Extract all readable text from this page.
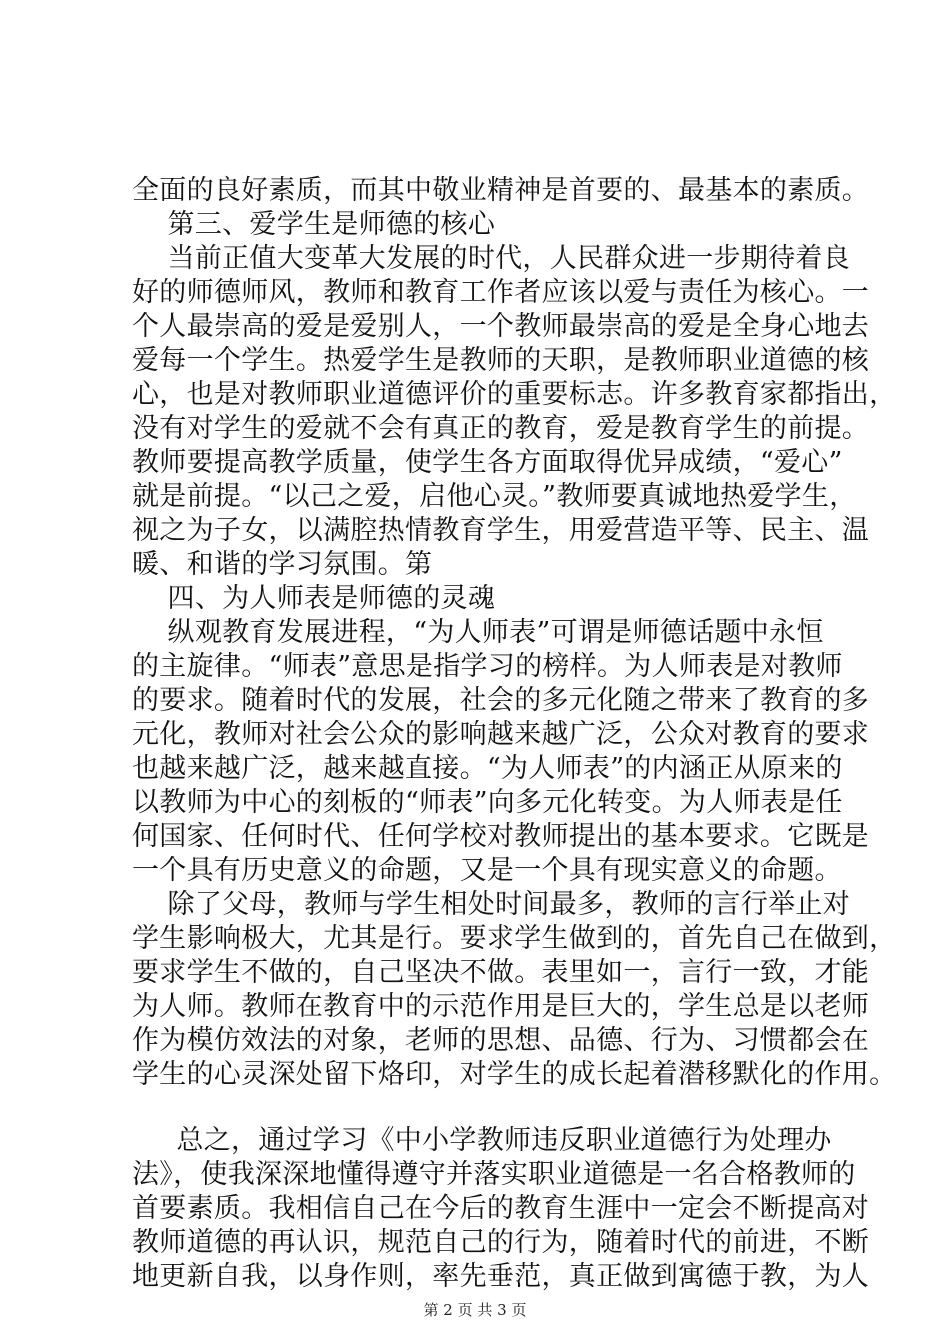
全面的良好素质，而其中敬业精神是首要的、最基本的素质。
第三、爱学生是师德的核心
当前正值大变革大发展的时代，人民群众进一步期待着良
好的师德师风，教师和教育工作者应该以爱与责任为核心。一
个人最崇高的爱是爱别人，一个教师最崇高的爱是全身心地去
爱每一个学生。热爱学生是教师的天职，是教师职业道德的核
心，也是对教师职业道德评价的重要标志。许多教育家都指出，
没有对学生的爱就不会有真正的教育，爱是教育学生的前提。
教师要提高教学质量，使学生各方面取得优异成绩，“爱心”
就是前提。“以己之爱，启他心灵。”教师要真诚地热爱学生，
视之为子女，以满腔热情教育学生，用爱营造平等、民主、温
暖、和谐的学习氛围。第
四、为人师表是师德的灵魂
纵观教育发展进程，“为人师表”可谓是师德话题中永恒
的主旋律。“师表”意思是指学习的榜样。为人师表是对教师
的要求。随着时代的发展，社会的多元化随之带来了教育的多
元化，教师对社会公众的影响越来越广泛，公众对教育的要求
也越来越广泛，越来越直接。“为人师表”的内涵正从原来的
以教师为中心的刻板的“师表”向多元化转变。为人师表是任
何国家、任何时代、任何学校对教师提出的基本要求。它既是
一个具有历史意义的命题，又是一个具有现实意义的命题。
除了父母，教师与学生相处时间最多，教师的言行举止对
学生影响极大，尤其是行。要求学生做到的，首先自己在做到，
要求学生不做的，自己坚决不做。表里如一，言行一致，才能
为人师。教师在教育中的示范作用是巨大的，学生总是以老师
作为模仿效法的对象，老师的思想、品德、行为、习惯都会在
学生的心灵深处留下烙印，对学生的成长起着潜移默化的作用。
总之，通过学习《中小学教师违反职业道德行为处理办
法》，使我深深地懂得遵守并落实职业道德是一名合格教师的
首要素质。我相信自己在今后的教育生涯中一定会不断提高对
教师道德的再认识，规范自己的行为，随着时代的前进，不断
地更新自我，以身作则，率先垂范，真正做到寓德于教，为人
第 2 页 共 3 页
